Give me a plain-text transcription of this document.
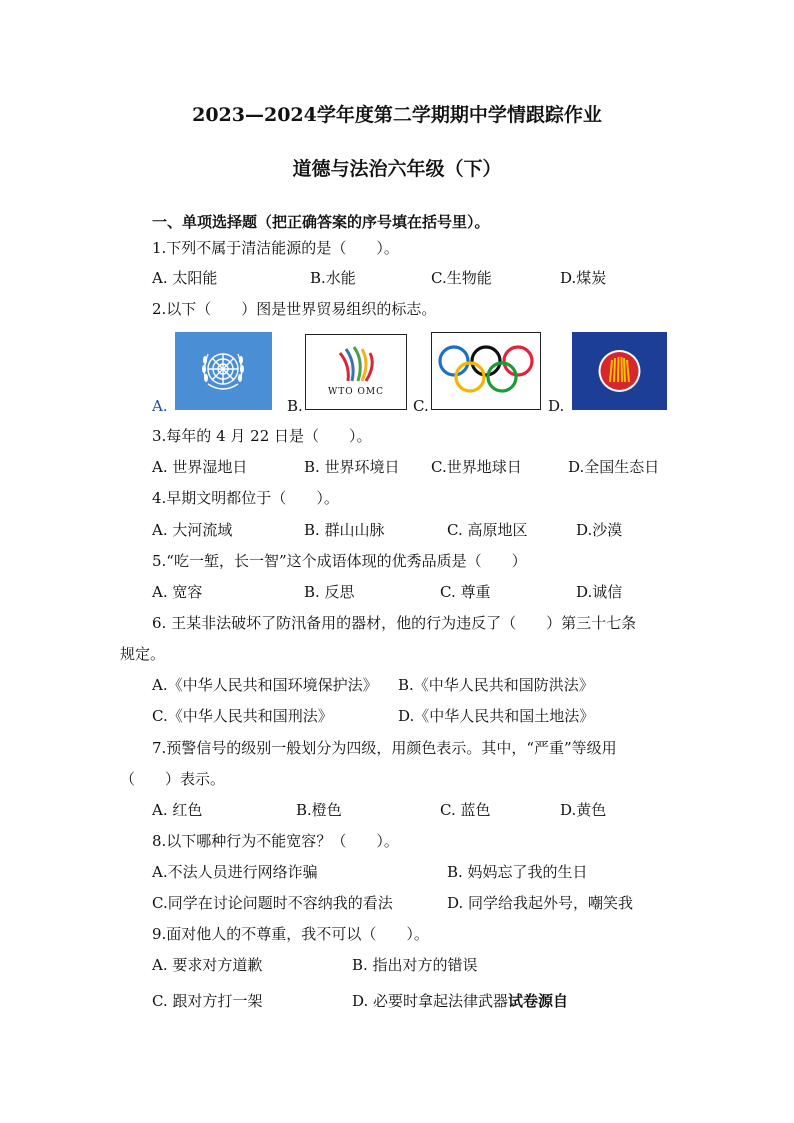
2023—2024学年度第二学期期中学情跟踪作业
道德与法治六年级（下）
一、单项选择题（把正确答案的序号填在括号里）。
1.下列不属于清洁能源的是（　　）。
A. 太阳能	B.水能	C.生物能	D.煤炭
2.以下（　　）图是世界贸易组织的标志。
A.	B.
WTO OMC
C.	D.
3.每年的 4 月 22 日是（　　）。
A. 世界湿地日	B. 世界环境日 C.世界地球日	D.全国生态日
4.早期文明都位于（　　）。
A. 大河流域	B. 群山山脉	C. 高原地区	D.沙漠
5.“吃一堑，长一智”这个成语体现的优秀品质是（　　）
A. 宽容	B. 反思	C. 尊重	D.诚信
6. 王某非法破坏了防汛备用的器材，他的行为违反了（　　）第三十七条
规定。
A.《中华人民共和国环境保护法》 B.《中华人民共和国防洪法》
C.《中华人民共和国刑法》	D.《中华人民共和国土地法》
7.预警信号的级别一般划分为四级，用颜色表示。其中，“严重”等级用
（　　）表示。
A. 红色	B.橙色	C. 蓝色	D.黄色
8.以下哪种行为不能宽容？（　　）。
A.不法人员进行网络诈骗	B. 妈妈忘了我的生日
C.同学在讨论问题时不容纳我的看法	D. 同学给我起外号，嘲笑我
9.面对他人的不尊重，我不可以（　　）。
A. 要求对方道歉	B. 指出对方的错误
C. 跟对方打一架	D. 必要时拿起法律武器试卷源自
